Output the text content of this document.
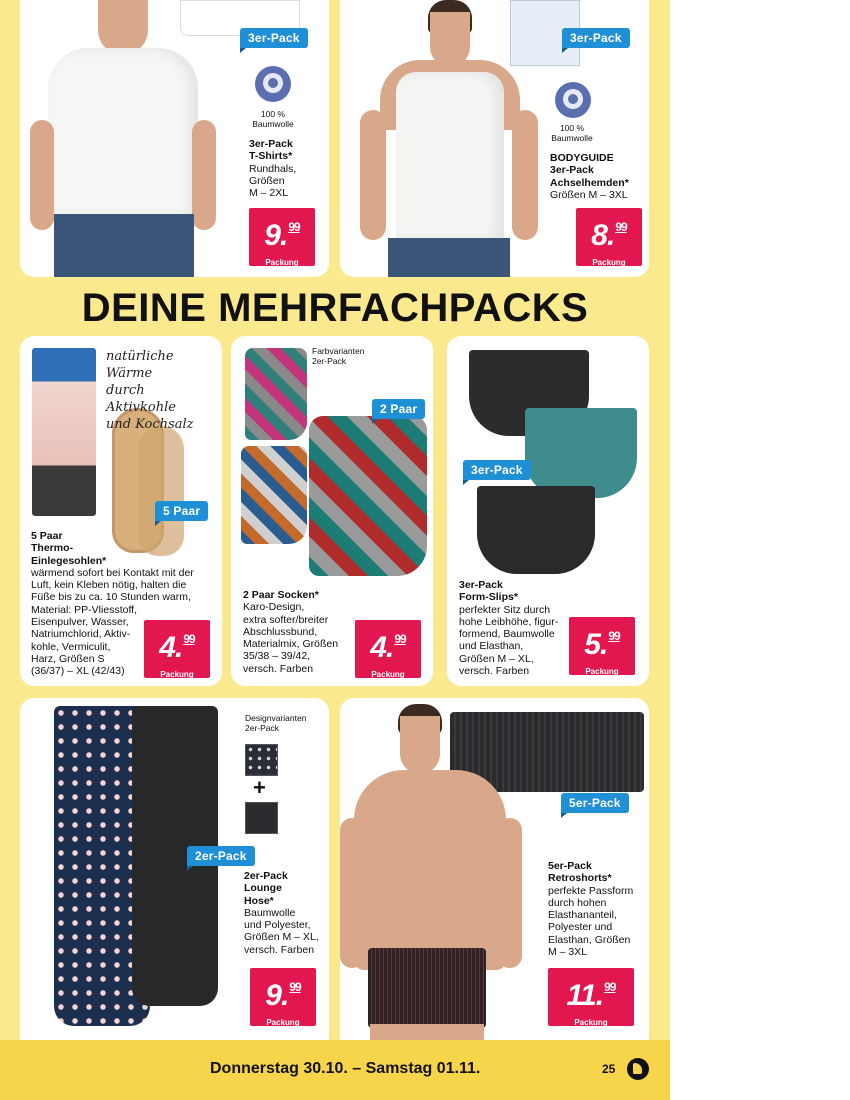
3er-Pack
100 %
Baumwolle
3er-Pack
T-Shirts*
Rundhals,
Größen
M – 2XL
9.99
Packung
3er-Pack
100 %
Baumwolle
BODYGUIDE
3er-Pack
Achselhemden*
Größen M – 3XL
8.99
Packung
DEINE MEHRFACHPACKS
natürliche Wärme
durch Aktivkohle
und Kochsalz
5 Paar
5 Paar
Thermo-
Einlegesohlen*
wärmend sofort bei Kontakt mit der
Luft, kein Kleben nötig, halten die
Füße bis zu ca. 10 Stunden warm,
Material: PP-Vliesstoff,
Eisenpulver, Wasser,
Natriumchlorid, Aktiv-
kohle, Vermiculit,
Harz, Größen S
(36/37) – XL (42/43)
4.99
Packung
Farbvarianten
2er-Pack
2 Paar
2 Paar Socken*
Karo-Design,
extra softer/breiter
Abschlussbund,
Materialmix, Größen
35/38 – 39/42,
versch. Farben
4.99
Packung
3er-Pack
3er-Pack
Form-Slips*
perfekter Sitz durch
hohe Leibhöhe, figur-
formend, Baumwolle
und Elasthan,
Größen M – XL,
versch. Farben
5.99
Packung
Designvarianten
2er-Pack
+
2er-Pack
2er-Pack
Lounge
Hose*
Baumwolle
und Polyester,
Größen M – XL,
versch. Farben
9.99
Packung
5er-Pack
5er-Pack
Retroshorts*
perfekte Passform
durch hohen
Elasthananteil,
Polyester und
Elasthan, Größen
M – 3XL
11.99
Packung
Donnerstag 30.10. – Samstag 01.11.	25
